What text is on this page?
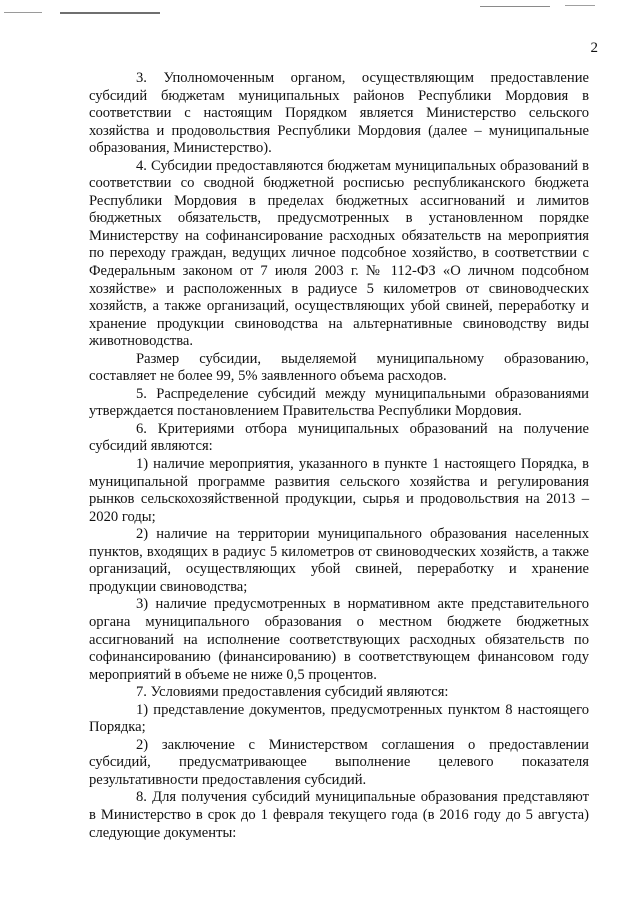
2

3. Уполномоченным органом, осуществляющим предоставление субсидий бюджетам муниципальных районов Республики Мордовия в соответствии с настоящим Порядком является Министерство сельского хозяйства и продовольствия Республики Мордовия (далее – муниципальные образования, Министерство).

4. Субсидии предоставляются бюджетам муниципальных образований в соответствии со сводной бюджетной росписью республиканского бюджета Республики Мордовия в пределах бюджетных ассигнований и лимитов бюджетных обязательств, предусмотренных в установленном порядке Министерству на софинансирование расходных обязательств на мероприятия по переходу граждан, ведущих личное подсобное хозяйство, в соответствии с Федеральным законом от 7 июля 2003 г. № 112-ФЗ «О личном подсобном хозяйстве» и расположенных в радиусе 5 километров от свиноводческих хозяйств, а также организаций, осуществляющих убой свиней, переработку и хранение продукции свиноводства на альтернативные свиноводству виды животноводства.

Размер субсидии, выделяемой муниципальному образованию, составляет не более 99, 5% заявленного объема расходов.

5. Распределение субсидий между муниципальными образованиями утверждается постановлением Правительства Республики Мордовия.

6. Критериями отбора муниципальных образований на получение субсидий являются:

1) наличие мероприятия, указанного в пункте 1 настоящего Порядка, в муниципальной программе развития сельского хозяйства и регулирования рынков сельскохозяйственной продукции, сырья и продовольствия на 2013 – 2020 годы;

2) наличие на территории муниципального образования населенных пунктов, входящих в радиус 5 километров от свиноводческих хозяйств, а также организаций, осуществляющих убой свиней, переработку и хранение продукции свиноводства;

3) наличие предусмотренных в нормативном акте представительного органа муниципального образования о местном бюджете бюджетных ассигнований на исполнение соответствующих расходных обязательств по софинансированию (финансированию) в соответствующем финансовом году мероприятий в объеме не ниже 0,5 процентов.

7. Условиями предоставления субсидий являются:

1) представление документов, предусмотренных пунктом 8 настоящего Порядка;

2) заключение с Министерством соглашения о предоставлении субсидий, предусматривающее выполнение целевого показателя результативности предоставления субсидий.

8. Для получения субсидий муниципальные образования представляют в Министерство в срок до 1 февраля текущего года (в 2016 году до 5 августа) следующие документы:
